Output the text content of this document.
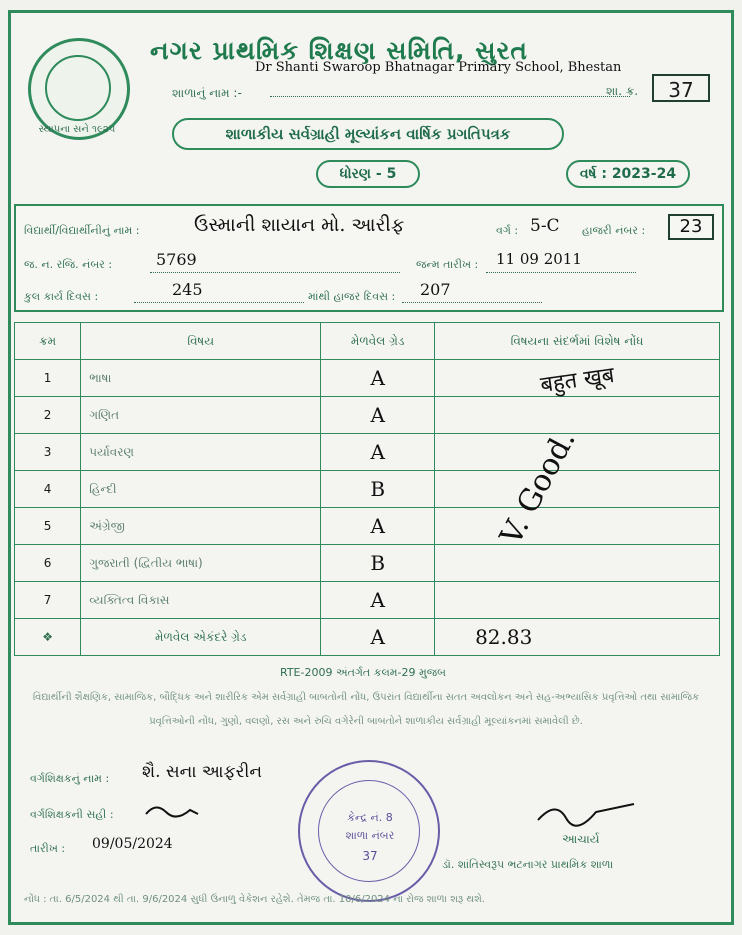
સ્થાપના સને ૧૯૨૫
નગર પ્રાથમિક શિક્ષણ સમિતિ, સુરત
Dr Shanti Swaroop Bhatnagar Primary School, Bhestan
શાળાનું નામ :-	શા. ક્ર.	37
શાળાકીય સર્વગ્રાહી મૂલ્યાંકન વાર્ષિક પ્રગતિપત્રક
ધોરણ - 5	વર્ષ : 2023-24
વિદ્યાર્થી/વિદ્યાર્થીનીનું નામ :	ઉસ્માની શાયાન મો. આરીફ	વર્ગ : 5-C હાજરી નંબર :	23
જ. ન. રજિ. નંબર :	5769	જન્મ તારીખ : 11 09 2011
કુલ કાર્ય દિવસ :	245	માંથી હાજર દિવસ : 207
ક્રમ	વિષય	મેળવેલ ગ્રેડ	વિષયના સંદર્ભમાં વિશેષ નોંધ
1	ભાષા	A	
2	ગણિત	A	
3	પર્યાવરણ	A	
4	હિન્દી	B	
5	અંગ્રેજી	A	
6	ગુજરાતી (દ્વિતીય ભાષા)	B	
7	વ્યક્તિત્વ વિકાસ	A	
❖	મેળવેલ એકંદરે ગ્રેડ	A	82.83
बहुत खूब
V. Good.
RTE-2009 અંતર્ગત કલમ-29 મુજબ
વિદ્યાર્થીની શૈક્ષણિક, સામાજિક, બૌદ્ધિક અને શારીરિક એમ સર્વગ્રાહી બાબતોની નોંધ, ઉપરાંત વિદ્યાર્થીના સતત અવલોકન અને સહ-અભ્યાસિક પ્રવૃત્તિઓ તથા સામાજિક પ્રવૃત્તિઓની નોંધ, ગુણો, વલણો, રસ અને રુચિ વગેરેની બાબતોને શાળાકીય સર્વગ્રાહી મૂલ્યાંકનમાં સમાવેલી છે.
વર્ગશિક્ષકનું નામ : શૈ. સના આફરીન
વર્ગશિક્ષકની સહી :
તારીખ : 09/05/2024
કેન્દ્ર નં. 8
શાળા નંબર
37
આચાર્ય
ડૉ. શાંતિસ્વરૂપ ભટનાગર પ્રાથમિક શાળા
નોંધ : તા. 6/5/2024 થી તા. 9/6/2024 સુધી ઉનાળુ વેકેશન રહેશે. તેમજ તા. 10/6/2024 ના રોજ શાળા શરૂ થશે.
